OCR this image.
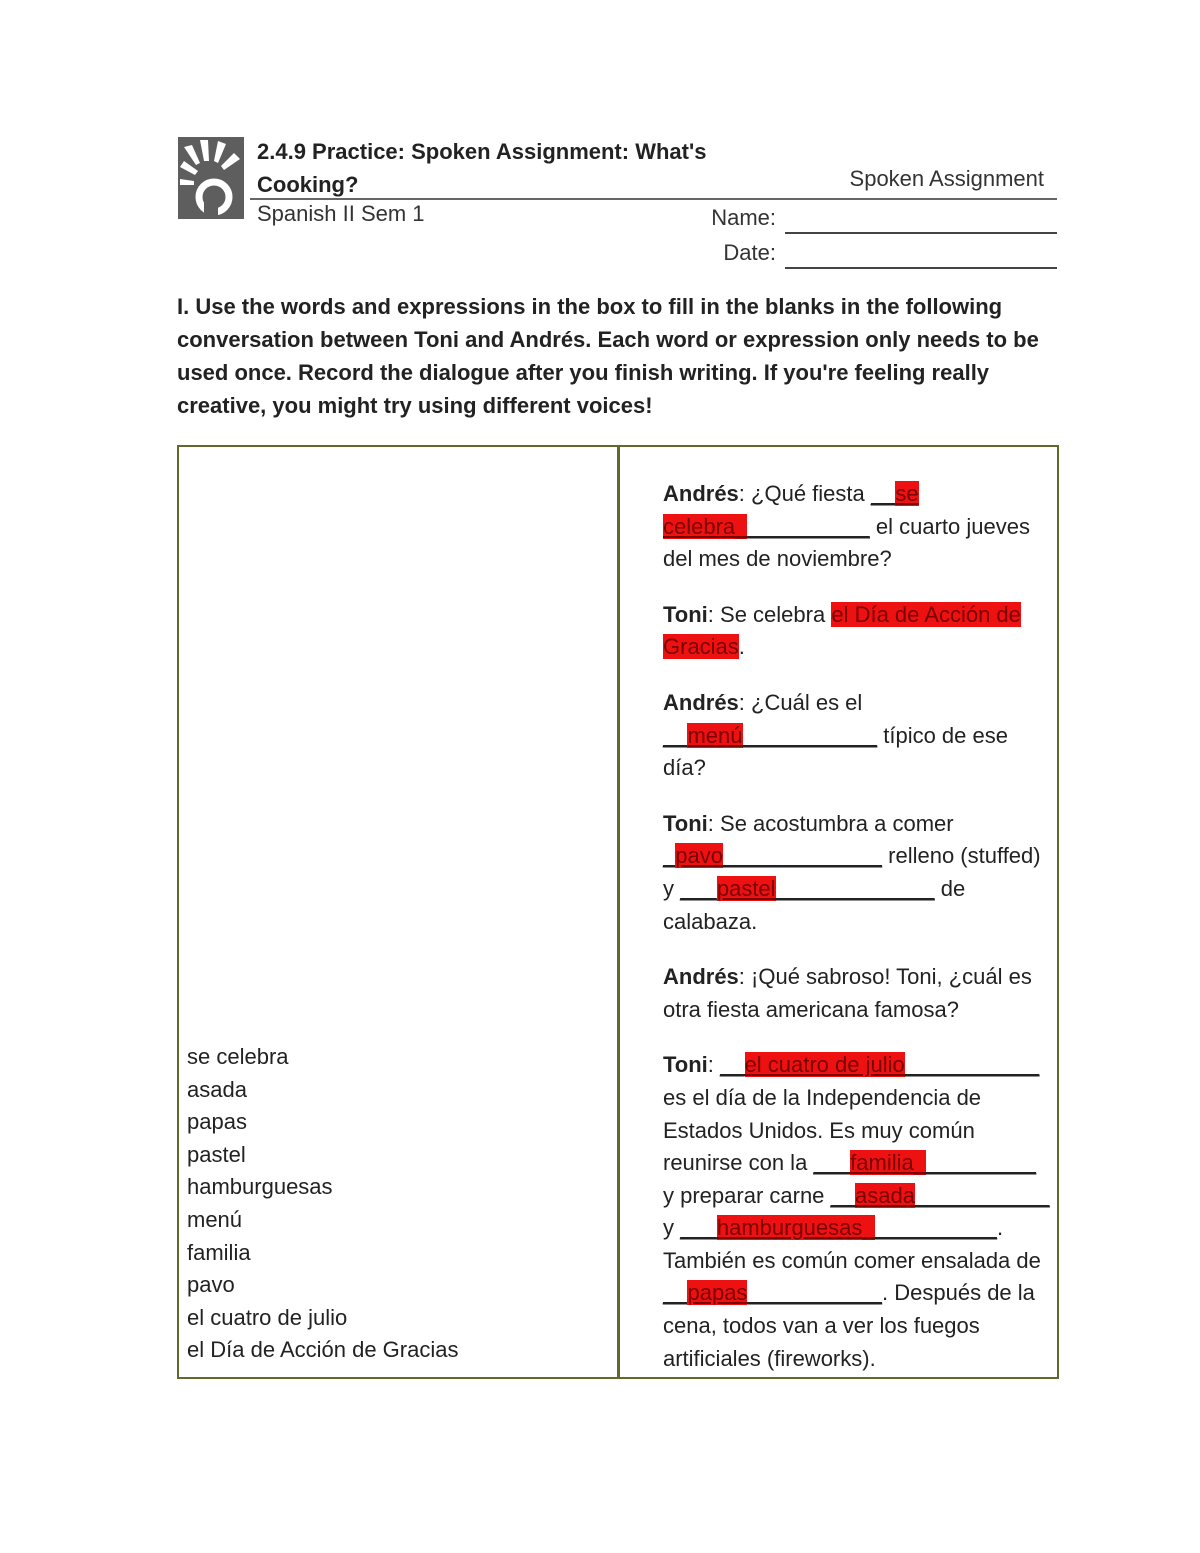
2.4.9 Practice: Spoken Assignment: What's Cooking?	Spoken Assignment
Spanish II Sem 1	Name:
Date:

I. Use the words and expressions in the box to fill in the blanks in the following conversation between Toni and Andrés. Each word or expression only needs to be used once. Record the dialogue after you finish writing. If you're feeling really creative, you might try using different voices!

se celebra
asada
papas
pastel
hamburguesas
menú
familia
pavo
el cuatro de julio
el Día de Acción de Gracias

Andrés: ¿Qué fiesta __se celebra___________ el cuarto jueves del mes de noviembre?

Toni: Se celebra el Día de Acción de Gracias.

Andrés: ¿Cuál es el __menú___________ típico de ese día?

Toni: Se acostumbra a comer _pavo_____________ relleno (stuffed) y ___pastel_____________ de calabaza.

Andrés: ¡Qué sabroso! Toni, ¿cuál es otra fiesta americana famosa?

Toni: __el cuatro de julio___________ es el día de la Independencia de Estados Unidos. Es muy común reunirse con la ___familia__________ y preparar carne __asada___________ y ___hamburguesas___________. También es común comer ensalada de __papas___________. Después de la cena, todos van a ver los fuegos artificiales (fireworks).
